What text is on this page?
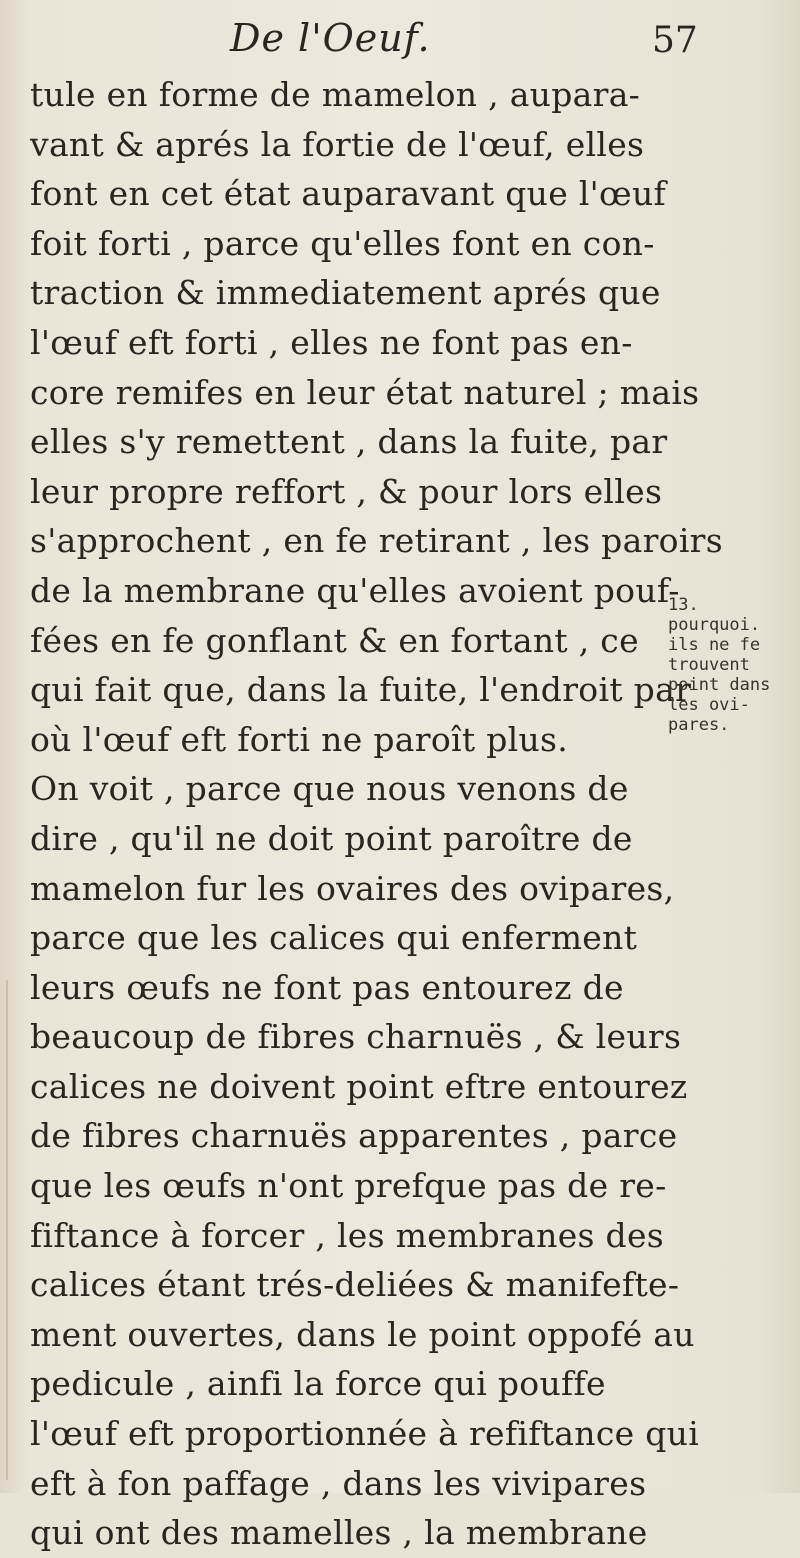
De l'Oeuf.	57
tule en forme de mamelon , aupara-
vant & aprés la fortie de l'œuf, elles
font en cet état auparavant que l'œuf
foit forti , parce qu'elles font en con-
traction & immediatement aprés que
l'œuf eft forti , elles ne font pas en-
core remifes en leur état naturel ; mais
elles s'y remettent , dans la fuite, par
leur propre reffort , & pour lors elles
s'approchent , en fe retirant , les paroirs
de la membrane qu'elles avoient pouf-
fées en fe gonflant & en fortant , ce
qui fait que, dans la fuite, l'endroit par
où l'œuf eft forti ne paroît plus.
On voit , parce que nous venons de
dire , qu'il ne doit point paroître de
mamelon fur les ovaires des ovipares,
parce que les calices qui enferment
leurs œufs ne font pas entourez de
beaucoup de fibres charnuës , & leurs
calices ne doivent point eftre entourez
de fibres charnuës apparentes , parce
que les œufs n'ont prefque pas de re-
fiftance à forcer , les membranes des
calices étant trés-deliées & manifefte-
ment ouvertes, dans le point oppofé au
pedicule , ainfi la force qui pouffe
l'œuf eft proportionnée à refiftance qui
eft à fon paffage , dans les vivipares
qui ont des mamelles , la membrane
13.
pourquoi.
ils ne fe
trouvent
point dans
les ovi-
pares.
